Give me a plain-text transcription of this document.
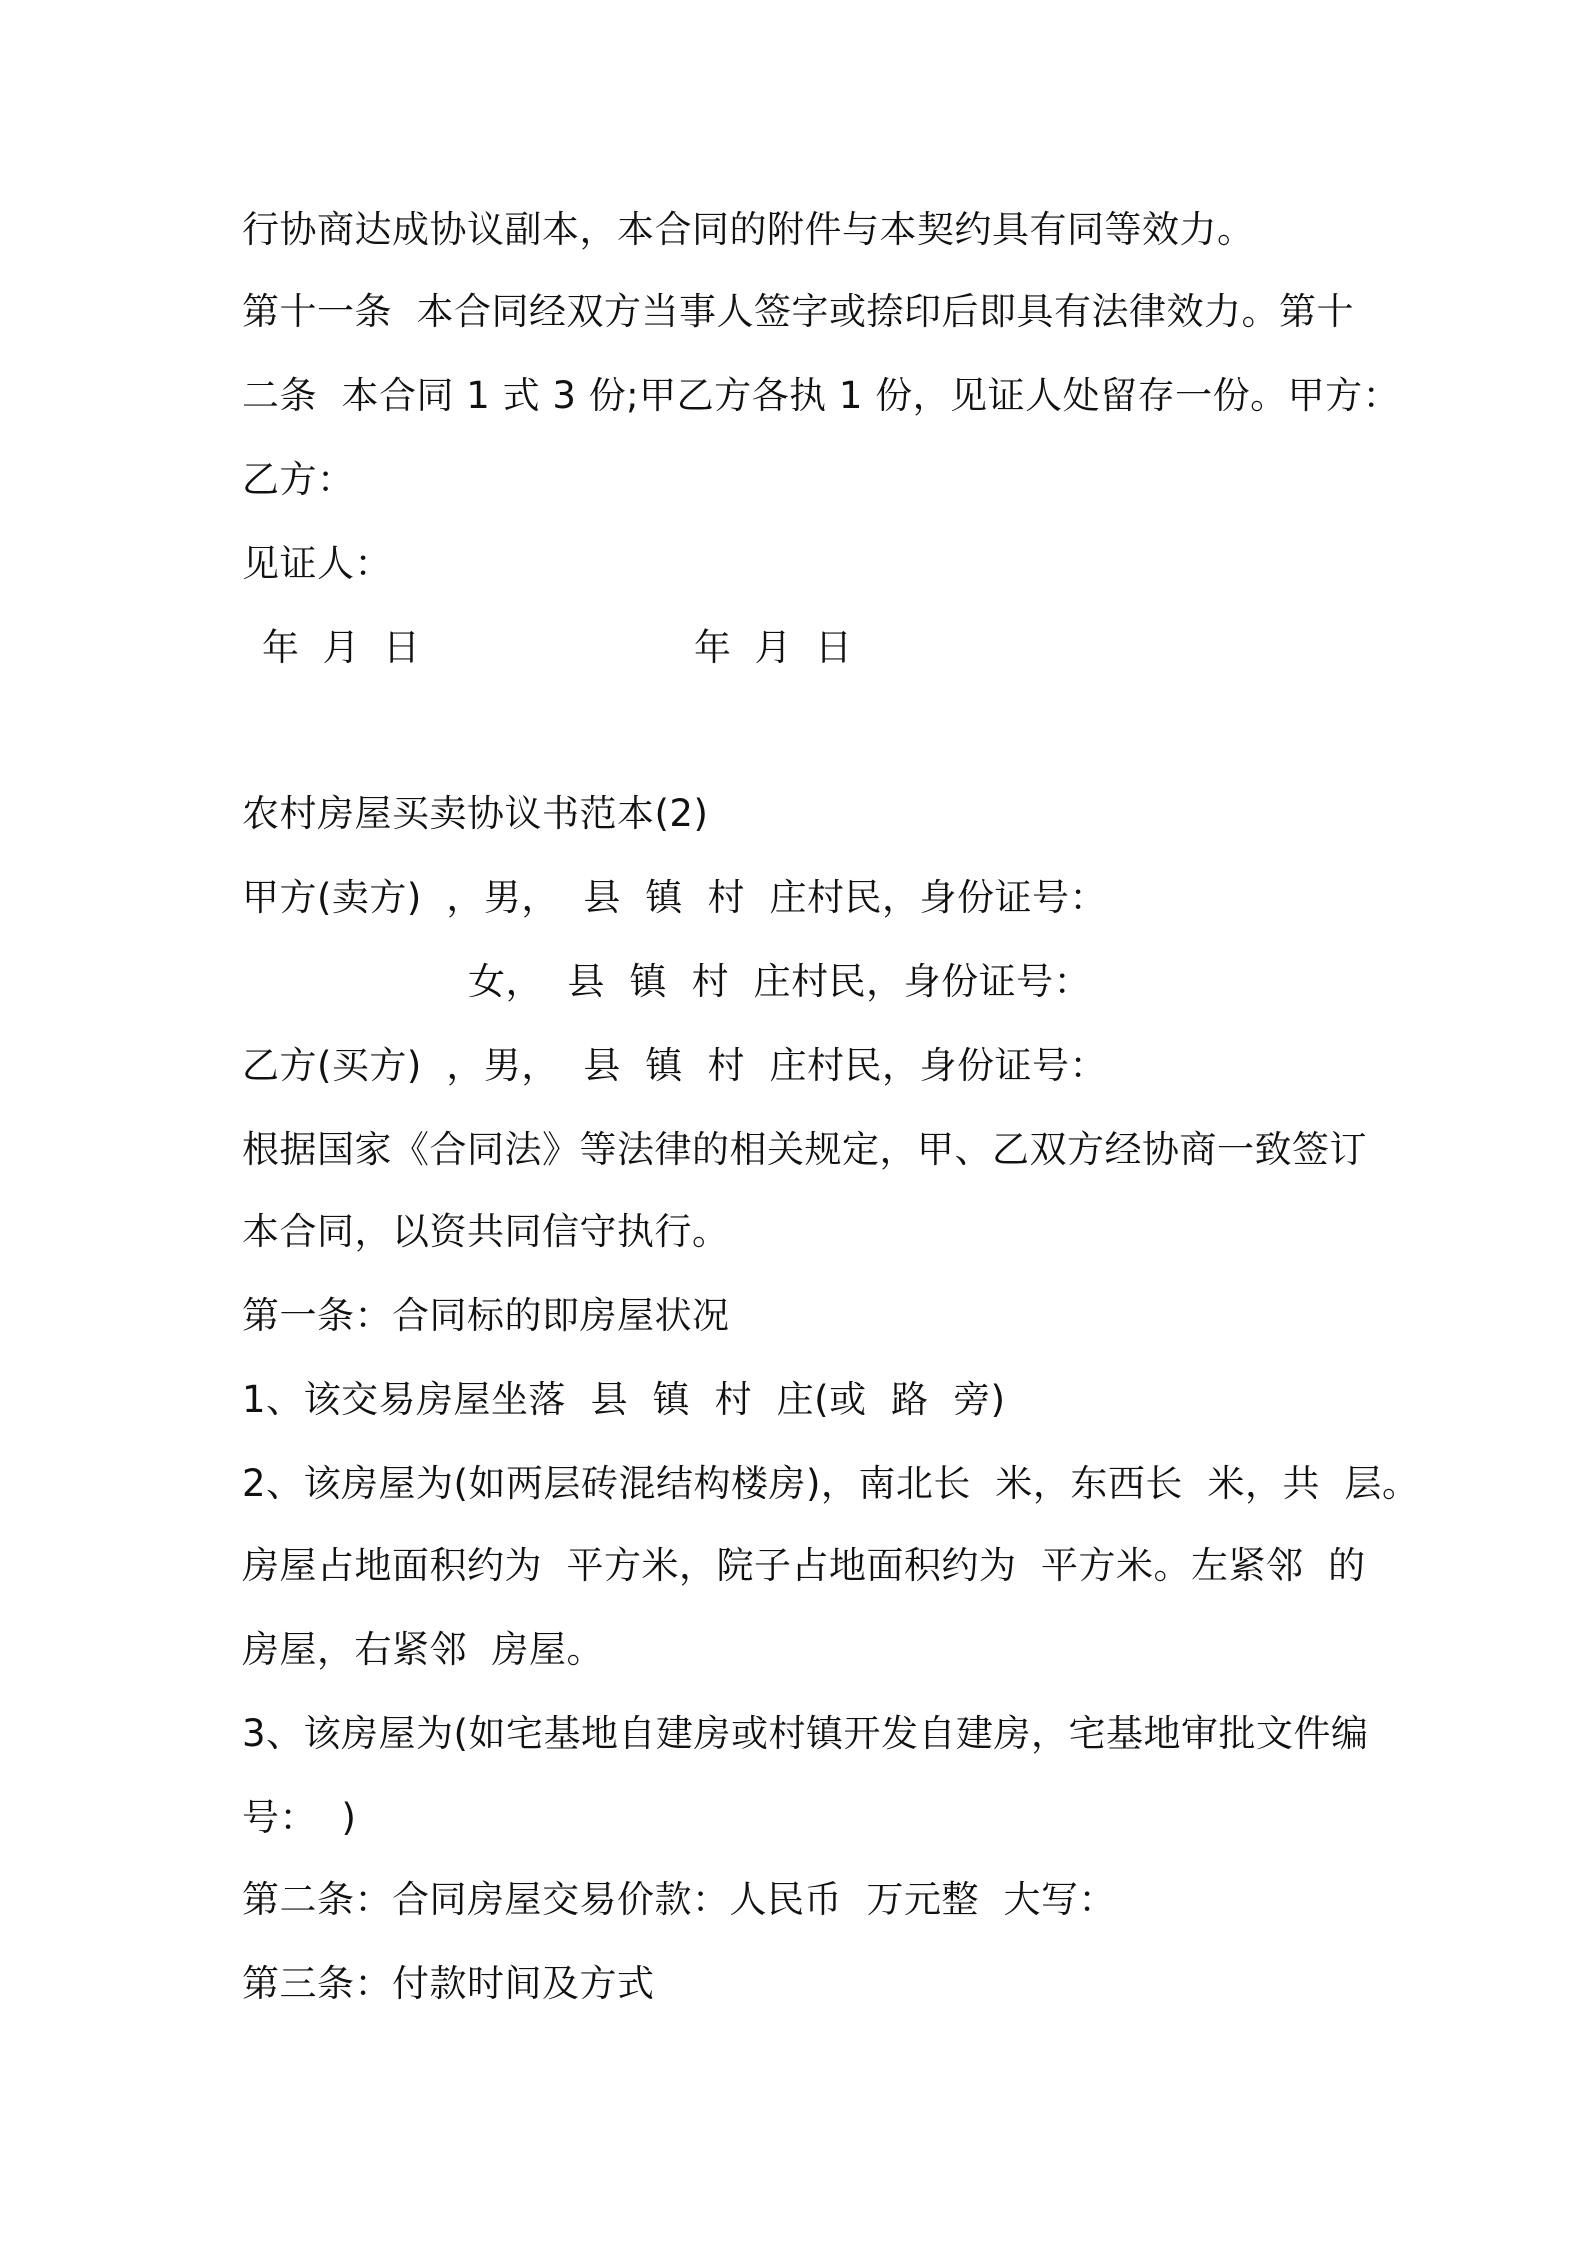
行协商达成协议副本，本合同的附件与本契约具有同等效力。
第十一条  本合同经双方当事人签字或捺印后即具有法律效力。第十
二条  本合同 1 式 3 份;甲乙方各执 1 份，见证人处留存一份。甲方：
乙方：
见证人：
年  月  日	年  月  日
农村房屋买卖协议书范本(2)
甲方(卖方)  ，男，  县  镇  村  庄村民，身份证号：
女，  县  镇  村  庄村民，身份证号：
乙方(买方)  ，男，  县  镇  村  庄村民，身份证号：
根据国家《合同法》等法律的相关规定，甲、乙双方经协商一致签订
本合同，以资共同信守执行。
第一条：合同标的即房屋状况
1、该交易房屋坐落  县  镇  村  庄(或  路  旁)
2、该房屋为(如两层砖混结构楼房)，南北长  米，东西长  米，共  层。
房屋占地面积约为  平方米，院子占地面积约为  平方米。左紧邻  的
房屋，右紧邻  房屋。
3、该房屋为(如宅基地自建房或村镇开发自建房，宅基地审批文件编
号：  )
第二条：合同房屋交易价款：人民币  万元整  大写：
第三条：付款时间及方式
